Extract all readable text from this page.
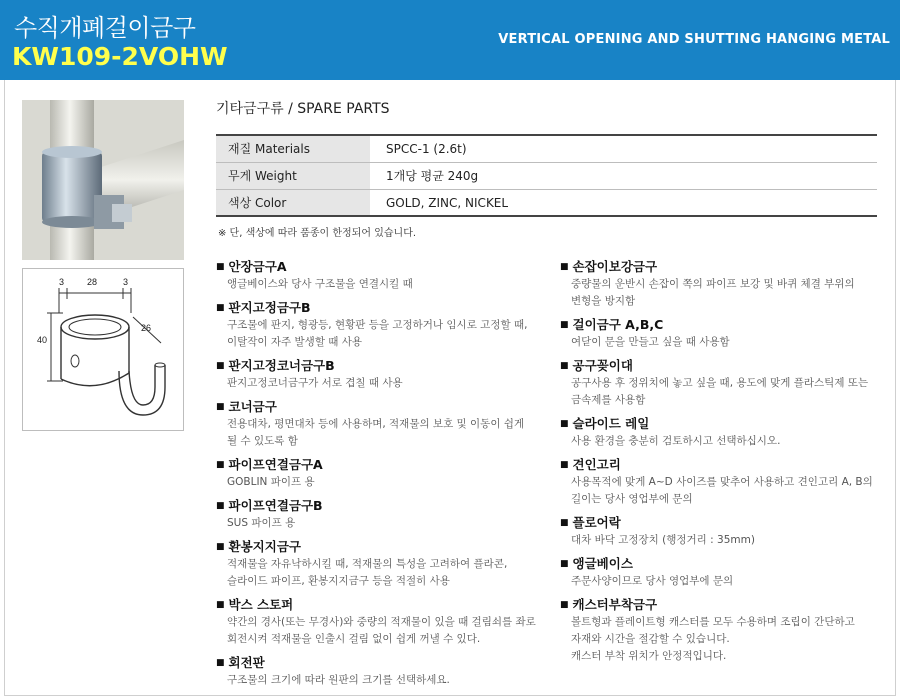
수직개폐걸이금구
KW109-2VOHW
VERTICAL OPENING AND SHUTTING HANGING METAL
3	28	3
40
26
기타금구류 / SPARE PARTS
재질 Materials	SPCC-1 (2.6t)
무게 Weight	1개당 평균 240g
색상 Color	GOLD, ZINC, NICKEL
※ 단, 색상에 따라 품종이 한정되어 있습니다.
■ 안장금구A
앵글베이스와 당사 구조물을 연결시킬 때
■ 판지고정금구B
구조물에 판지, 형광등, 현황판 등을 고정하거나 임시로 고정할 때,
이탈작이 자주 발생할 때 사용
■ 판지고정코너금구B
판지고정코너금구가 서로 겹칠 때 사용
■ 코너금구
전용대차, 평면대차 등에 사용하며, 적재물의 보호 및 이동이 쉽게
될 수 있도록 함
■ 파이프연결금구A
GOBLIN 파이프 용
■ 파이프연결금구B
SUS 파이프 용
■ 환봉지지금구
적재물을 자유낙하시킬 때, 적재물의 특성을 고려하여 플라콘,
슬라이드 파이프, 환봉지지금구 등을 적절히 사용
■ 박스 스토퍼
약간의 경사(또는 무경사)와 중량의 적재물이 있을 때 걸림쇠를 좌로
회전시켜 적재물을 인출시 걸림 없이 쉽게 꺼낼 수 있다.
■ 회전판
구조물의 크기에 따라 원판의 크기를 선택하세요.
■ 손잡이보강금구
중량물의 운반시 손잡이 쪽의 파이프 보강 및 바퀴 체결 부위의
변형을 방지함
■ 걸이금구 A,B,C
여닫이 문을 만들고 싶을 때 사용함
■ 공구꽂이대
공구사용 후 정위치에 놓고 싶을 때, 용도에 맞게 플라스틱제 또는
금속제를 사용함
■ 슬라이드 레일
사용 환경을 충분히 검토하시고 선택하십시오.
■ 견인고리
사용목적에 맞게 A~D 사이즈를 맞추어 사용하고 견인고리 A, B의
길이는 당사 영업부에 문의
■ 플로어락
대차 바닥 고정장치 (행정거리 : 35mm)
■ 앵글베이스
주문사양이므로 당사 영업부에 문의
■ 캐스터부착금구
볼트형과 플레이트형 캐스터를 모두 수용하며 조립이 간단하고
자재와 시간을 절감할 수 있습니다.
캐스터 부착 위치가 안정적입니다.
